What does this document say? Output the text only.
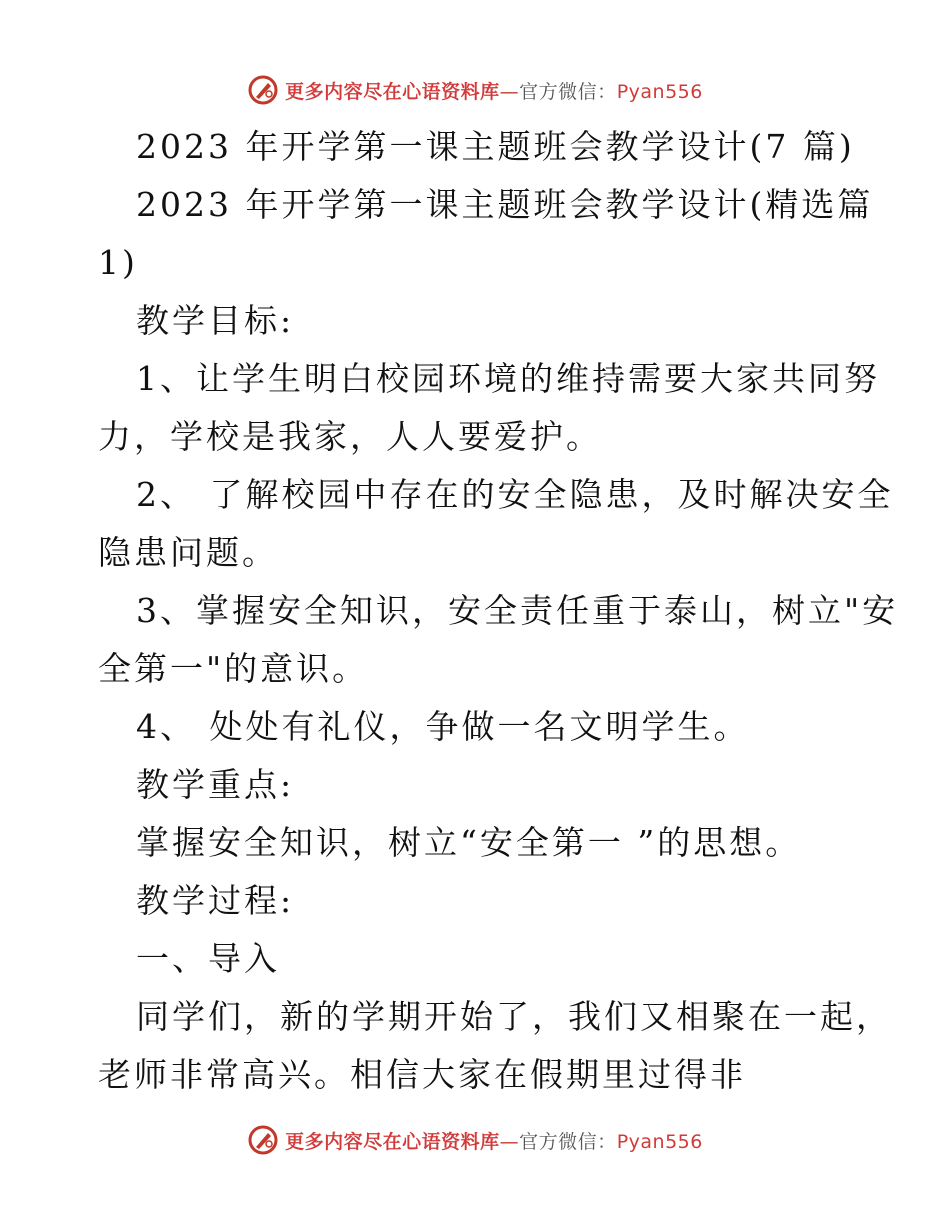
更多内容尽在心语资料库—官方微信：Pyan556
2023 年开学第一课主题班会教学设计(7 篇)
2023 年开学第一课主题班会教学设计(精选篇
1)
教学目标:
1、让学生明白校园环境的维持需要大家共同努
力，学校是我家，人人要爱护。
2、 了解校园中存在的安全隐患，及时解决安全
隐患问题。
3、掌握安全知识，安全责任重于泰山，树立"安
全第一"的意识。
4、 处处有礼仪，争做一名文明学生。
教学重点:
掌握安全知识，树立“安全第一 ”的思想。
教学过程:
一、导入
同学们，新的学期开始了，我们又相聚在一起，
老师非常高兴。相信大家在假期里过得非
更多内容尽在心语资料库—官方微信：Pyan556
